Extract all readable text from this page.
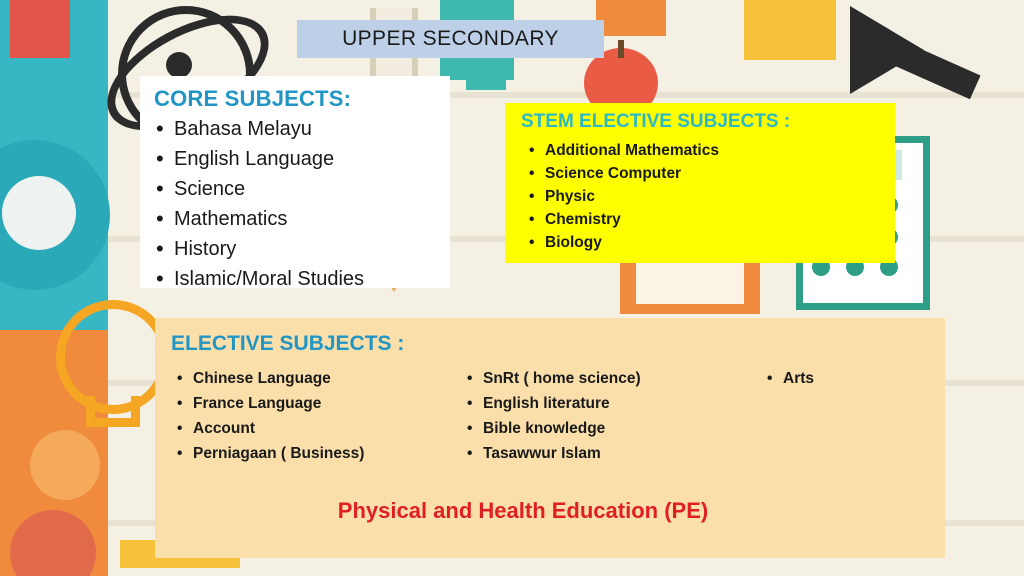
UPPER SECONDARY
CORE SUBJECTS:
• Bahasa Melayu
• English Language
• Science
• Mathematics
• History
• Islamic/Moral Studies
STEM ELECTIVE SUBJECTS :
• Additional Mathematics
• Science Computer
• Physic
• Chemistry
• Biology
ELECTIVE SUBJECTS :
• Chinese Language
• France Language
• Account
• Perniagaan ( Business)
• SnRt ( home science)
• English literature
• Bible knowledge
• Tasawwur Islam
• Arts
Physical and Health Education (PE)
